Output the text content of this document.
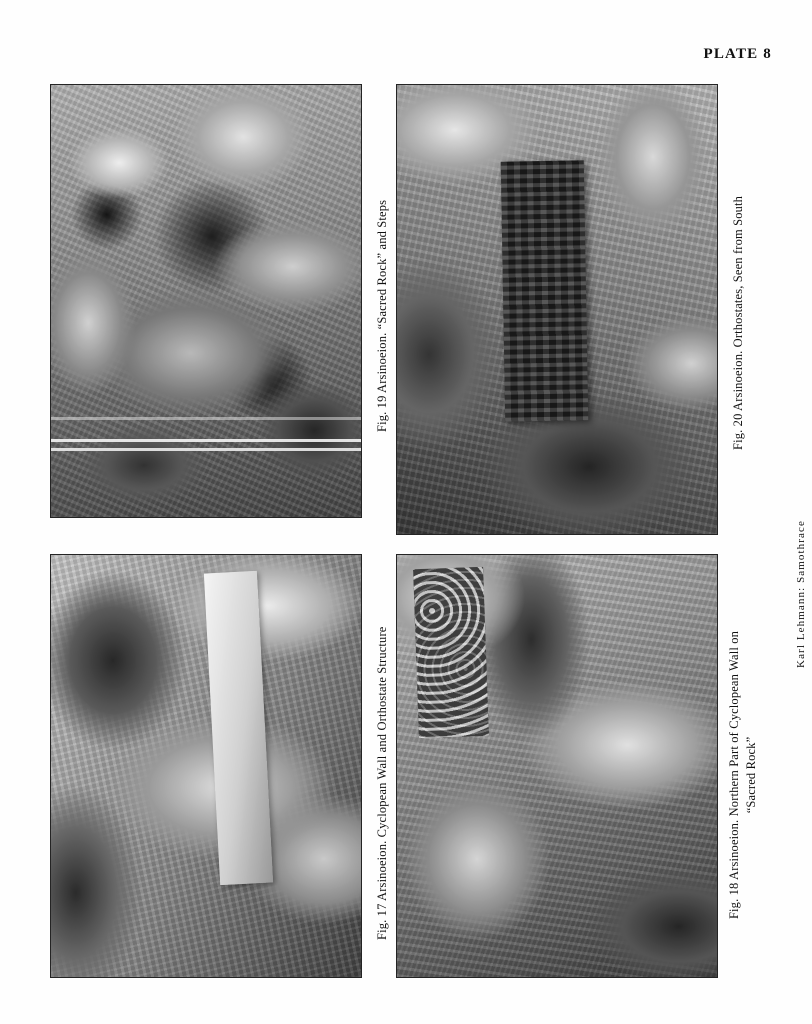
PLATE 8
Karl Lehmann: Samothrace
Fig. 19 Arsinoeion. “Sacred Rock” and Steps	Fig. 20 Arsinoeion. Orthostates, Seen from South
Fig. 17 Arsinoeion. Cyclopean Wall and Orthostate Structure	Fig. 18 Arsinoeion. Northern Part of Cyclopean Wall on “Sacred Rock”
